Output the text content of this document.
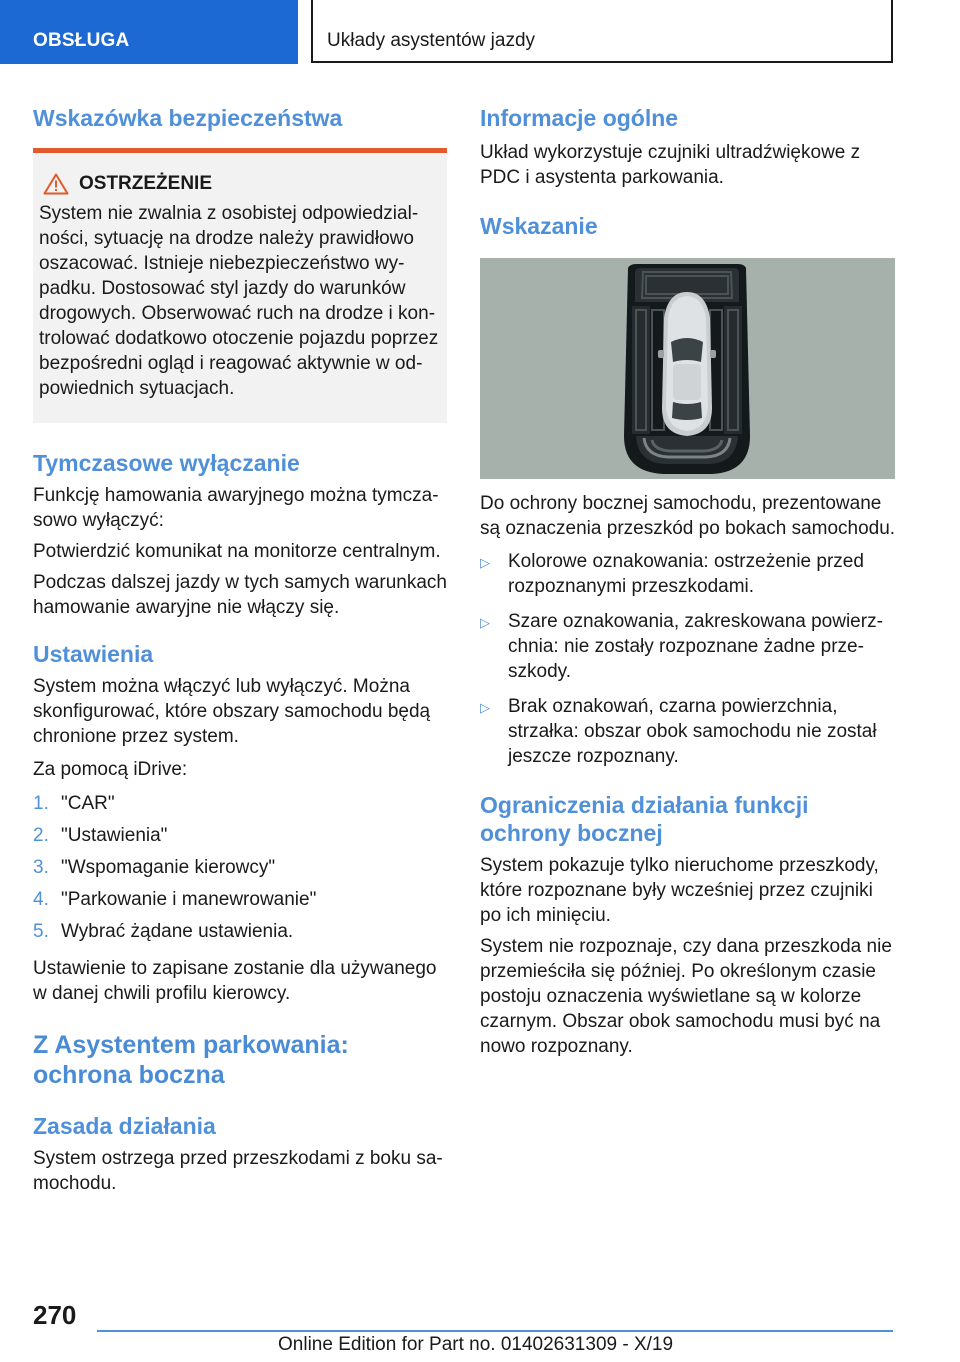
OBSŁUGA	Układy asystentów jazdy
Wskazówka bezpieczeństwa
OSTRZEŻENIE

System nie zwalnia z osobistej odpowiedzialności, sytuację na drodze należy prawidłowo oszacować. Istnieje niebezpieczeństwo wypadku. Dostosować styl jazdy do warunków drogowych. Obserwować ruch na drodze i kontrolować dodatkowo otoczenie pojazdu poprzez bezpośredni ogląd i reagować aktywnie w odpowiednich sytuacjach.

Tymczasowe wyłączanie

Funkcję hamowania awaryjnego można tymczasowo wyłączyć:

Potwierdzić komunikat na monitorze centralnym.

Podczas dalszej jazdy w tych samych warunkach hamowanie awaryjne nie włączy się.

Ustawienia

System można włączyć lub wyłączyć. Można skonfigurować, które obszary samochodu będą chronione przez system.

Za pomocą iDrive:

1. "CAR"
2. "Ustawienia"
3. "Wspomaganie kierowcy"
4. "Parkowanie i manewrowanie"
5. Wybrać żądane ustawienia.

Ustawienie to zapisane zostanie dla używanego w danej chwili profilu kierowcy.

Z Asystentem parkowania: ochrona boczna
Zasada działania

System ostrzega przed przeszkodami z boku samochodu.

Informacje ogólne

Układ wykorzystuje czujniki ultradźwiękowe z PDC i asystenta parkowania.

Wskazanie

Do ochrony bocznej samochodu, prezentowane są oznaczenia przeszkód po bokach samochodu.

▷ Kolorowe oznakowania: ostrzeżenie przed rozpoznanymi przeszkodami.
▷ Szare oznakowania, zakreskowana powierzchnia: nie zostały rozpoznane żadne przeszkody.
▷ Brak oznakowań, czarna powierzchnia, strzałka: obszar obok samochodu nie został jeszcze rozpoznany.
Ograniczenia działania funkcji ochrony bocznej

System pokazuje tylko nieruchome przeszkody, które rozpoznane były wcześniej przez czujniki po ich minięciu.

System nie rozpoznaje, czy dana przeszkoda nie przemieściła się później. Po określonym czasie postoju oznaczenia wyświetlane są w kolorze czarnym. Obszar obok samochodu musi być na nowo rozpoznany.

270
Online Edition for Part no. 01402631309 - X/19
